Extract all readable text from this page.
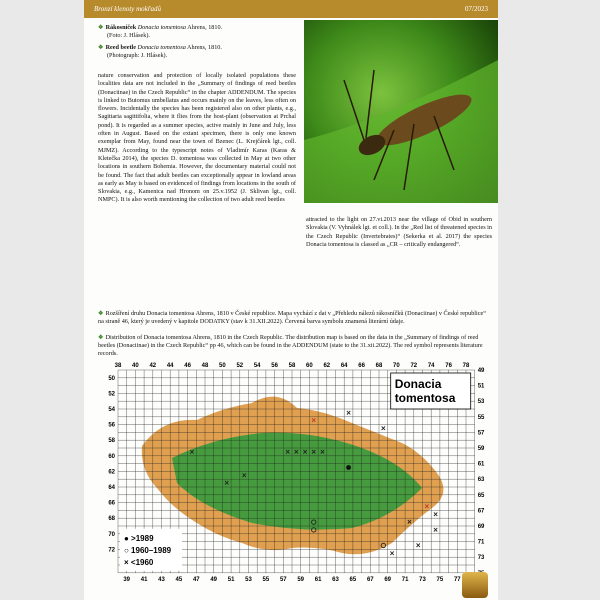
Bronzí klenoty mokřadů	07/2023
❖ Rákosníček Donacia tomentosa Ahrens, 1810.
(Foto: J. Hlásek).
❖ Reed beetle Donacia tomentosa Ahrens, 1810.
(Photograph: J. Hlásek).
nature conservation and protection of locally isolated populations these localities data are not included in the „Summary of findings of reed beetles (Donaciinae) in the Czech Republic“ in the chapter ADDENDUM. The species is linked to Butomus umbellatus and occurs mainly on the leaves, less often on flowers. Incidentally the species has been registered also on other plants, e.g., Sagittaria sagittifolia, where it flies from the host-plant (observation at Prchal pond). It is regarded as a summer species, active mainly in June and July, less often in August. Based on the extant specimen, there is only one known exemplar from May, found near the town of Bzenec (L. Krejčárek lgt., coll. MJMZ). According to the typescript notes of Vladimír Karas (Karas & Kletečka 2014), the species D. tomentosa was collected in May at two other locations in southern Bohemia. However, the documentary material could not be found. The fact that adult beetles can exceptionally appear in lowland areas as early as May is based on evidenced of findings from locations in the south of Slovakia, e.g., Kamenica nad Hronom on 25.v.1952 (J. Sklivan lgt., coll. NMPC). It is also worth mentioning the collection of two adult reed beetles
attracted to the light on 27.vi.2013 near the village of Obid in southern Slovakia (V. Vyhnálek lgt. et coll.). In the „Red list of threatened species in the Czech Republic (Invertebrates)“ (Sekerka et al. 2017) the species Donacia tomentosa is classed as „CR – critically endangered“.
❖ Rozšíření druhu Donacia tomentosa Ahrens, 1810 v České republice. Mapa vychází z dat v „Přehledu nálezů rákosníčků (Donaciinae) v České republice“ na straně 46, který je uvedený v kapitole DODATKY (stav k 31.XII.2022). Červená barva symbolu znamená literární údaje.
❖ Distribution of Donacia tomentosa Ahrens, 1810 in the Czech Republic. The distribution map is based on the data in the „Summary of findings of reed beetles (Donaciinae) in the Czech Republic“ pp 46, which can be found in the ADDENDUM (state to the 31.xii.2022). The red symbol represents literature records.
38 40 42 44 46 48 50 52 54 56 58 60 62 64 66 68 70 72 74 76 78
39 41 43 45 47 49 51 53 55 57 59 61 63 65 67 69 71 73 75 77
50
52
54
56
58
60
62
64
66
68
70
72
49
51
53
55
57
59
61
63
65
67
69
71
73
Donacia
tomentosa
● >1989
○ 1960–1989
× <1960
×
×
×
×	× × × × ×
×
×
×
×
×
×
×
×
